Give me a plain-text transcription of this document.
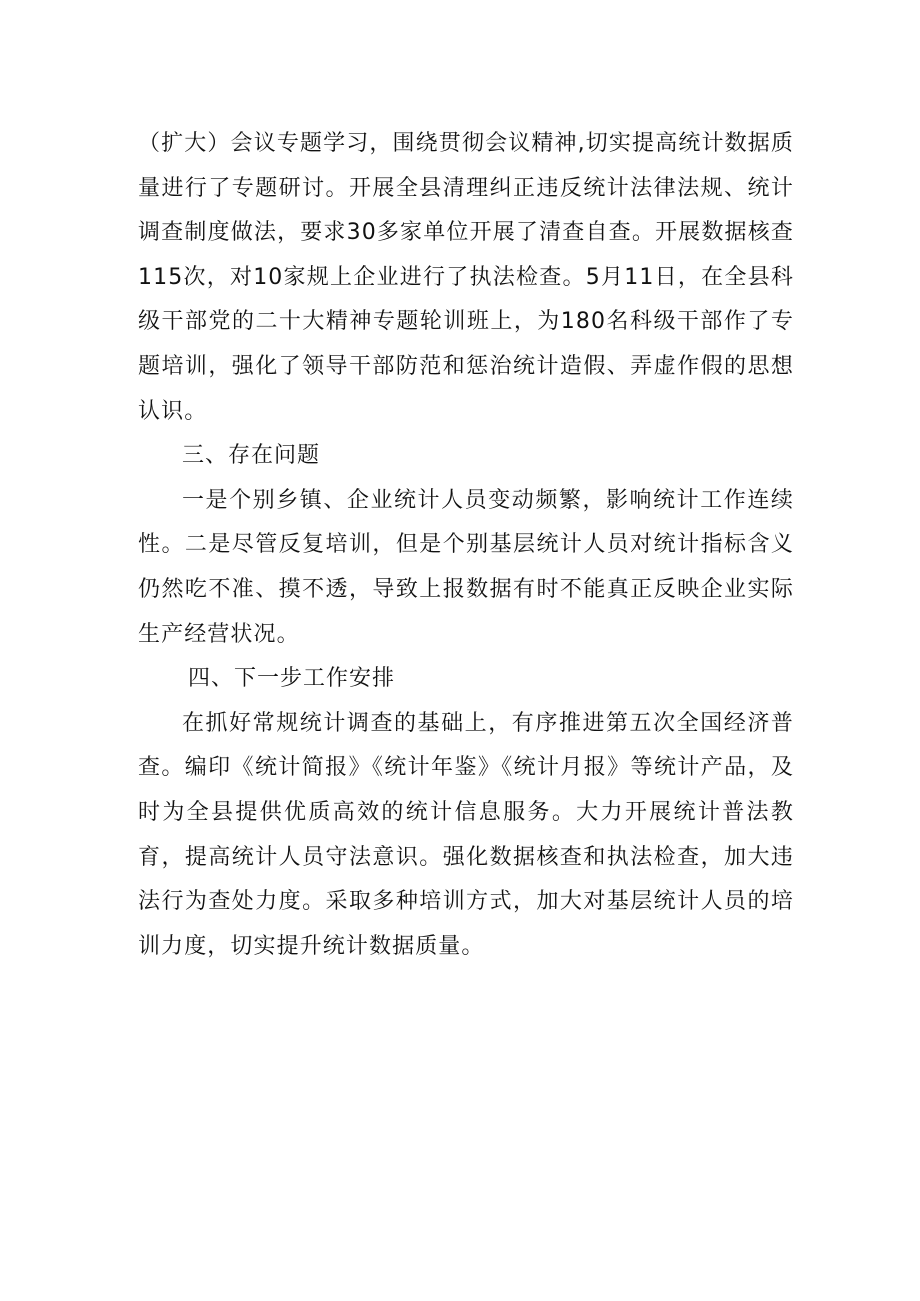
（扩大）会议专题学习，围绕贯彻会议精神,切实提高统计数据质量进行了专题研讨。开展全县清理纠正违反统计法律法规、统计调查制度做法，要求30多家单位开展了清查自查。开展数据核查115次，对10家规上企业进行了执法检查。5月11日，在全县科级干部党的二十大精神专题轮训班上，为180名科级干部作了专题培训，强化了领导干部防范和惩治统计造假、弄虚作假的思想认识。

三、存在问题

一是个别乡镇、企业统计人员变动频繁，影响统计工作连续性。二是尽管反复培训，但是个别基层统计人员对统计指标含义仍然吃不准、摸不透，导致上报数据有时不能真正反映企业实际生产经营状况。

四、下一步工作安排

在抓好常规统计调查的基础上，有序推进第五次全国经济普查。编印《统计简报》《统计年鉴》《统计月报》等统计产品，及时为全县提供优质高效的统计信息服务。大力开展统计普法教育，提高统计人员守法意识。强化数据核查和执法检查，加大违法行为查处力度。采取多种培训方式，加大对基层统计人员的培训力度，切实提升统计数据质量。
